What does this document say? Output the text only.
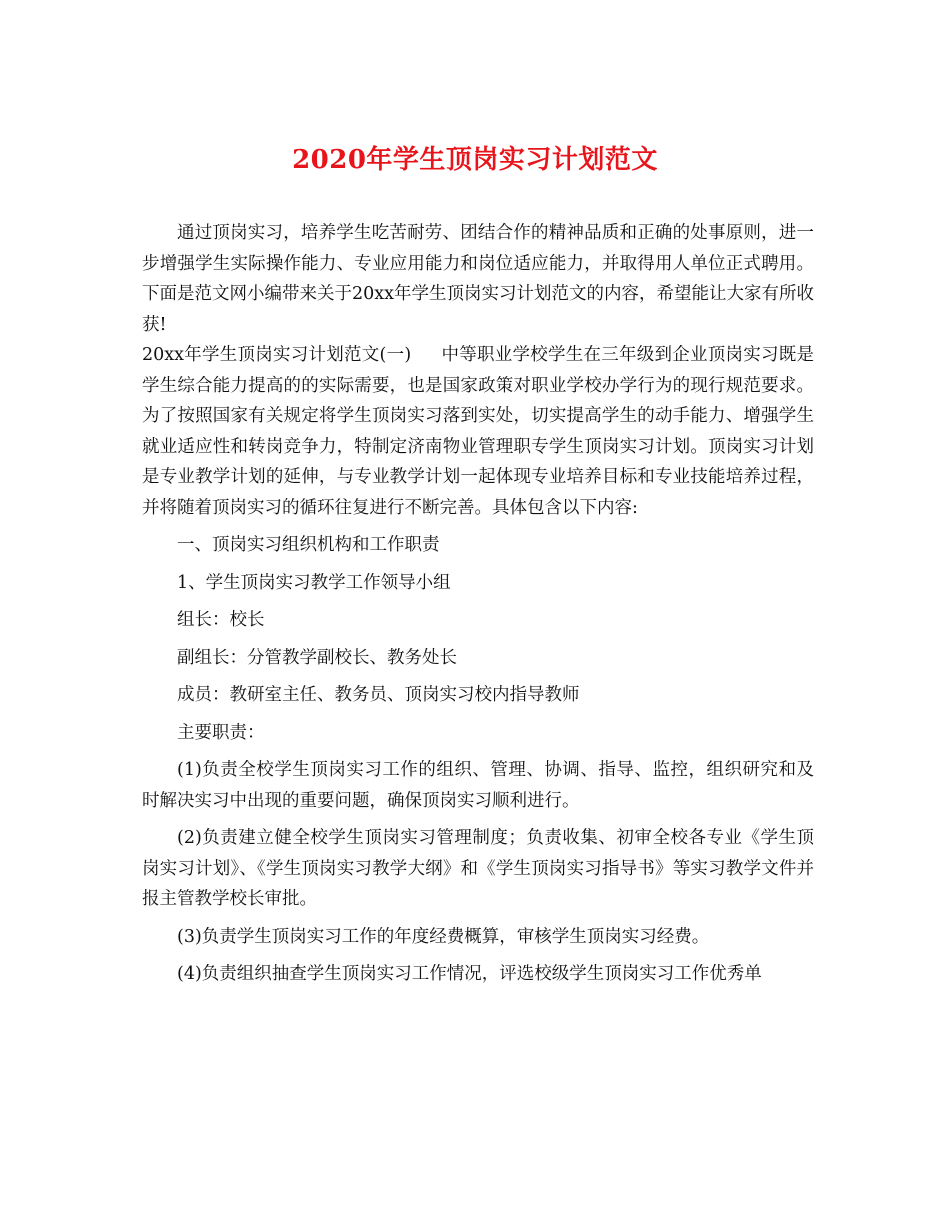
2020年学生顶岗实习计划范文

通过顶岗实习，培养学生吃苦耐劳、团结合作的精神品质和正确的处事原则，进一步增强学生实际操作能力、专业应用能力和岗位适应能力，并取得用人单位正式聘用。下面是范文网小编带来关于20xx年学生顶岗实习计划范文的内容，希望能让大家有所收获!

20xx年学生顶岗实习计划范文(一) 中等职业学校学生在三年级到企业顶岗实习既是学生综合能力提高的的实际需要，也是国家政策对职业学校办学行为的现行规范要求。为了按照国家有关规定将学生顶岗实习落到实处，切实提高学生的动手能力、增强学生就业适应性和转岗竞争力，特制定济南物业管理职专学生顶岗实习计划。顶岗实习计划是专业教学计划的延伸，与专业教学计划一起体现专业培养目标和专业技能培养过程，并将随着顶岗实习的循环往复进行不断完善。具体包含以下内容:

一、顶岗实习组织机构和工作职责

1、学生顶岗实习教学工作领导小组

组长：校长

副组长：分管教学副校长、教务处长

成员：教研室主任、教务员、顶岗实习校内指导教师

主要职责：

(1)负责全校学生顶岗实习工作的组织、管理、协调、指导、监控，组织研究和及时解决实习中出现的重要问题，确保顶岗实习顺利进行。

(2)负责建立健全校学生顶岗实习管理制度；负责收集、初审全校各专业《学生顶岗实习计划》、《学生顶岗实习教学大纲》和《学生顶岗实习指导书》等实习教学文件并报主管教学校长审批。

(3)负责学生顶岗实习工作的年度经费概算，审核学生顶岗实习经费。

(4)负责组织抽查学生顶岗实习工作情况，评选校级学生顶岗实习工作优秀单
